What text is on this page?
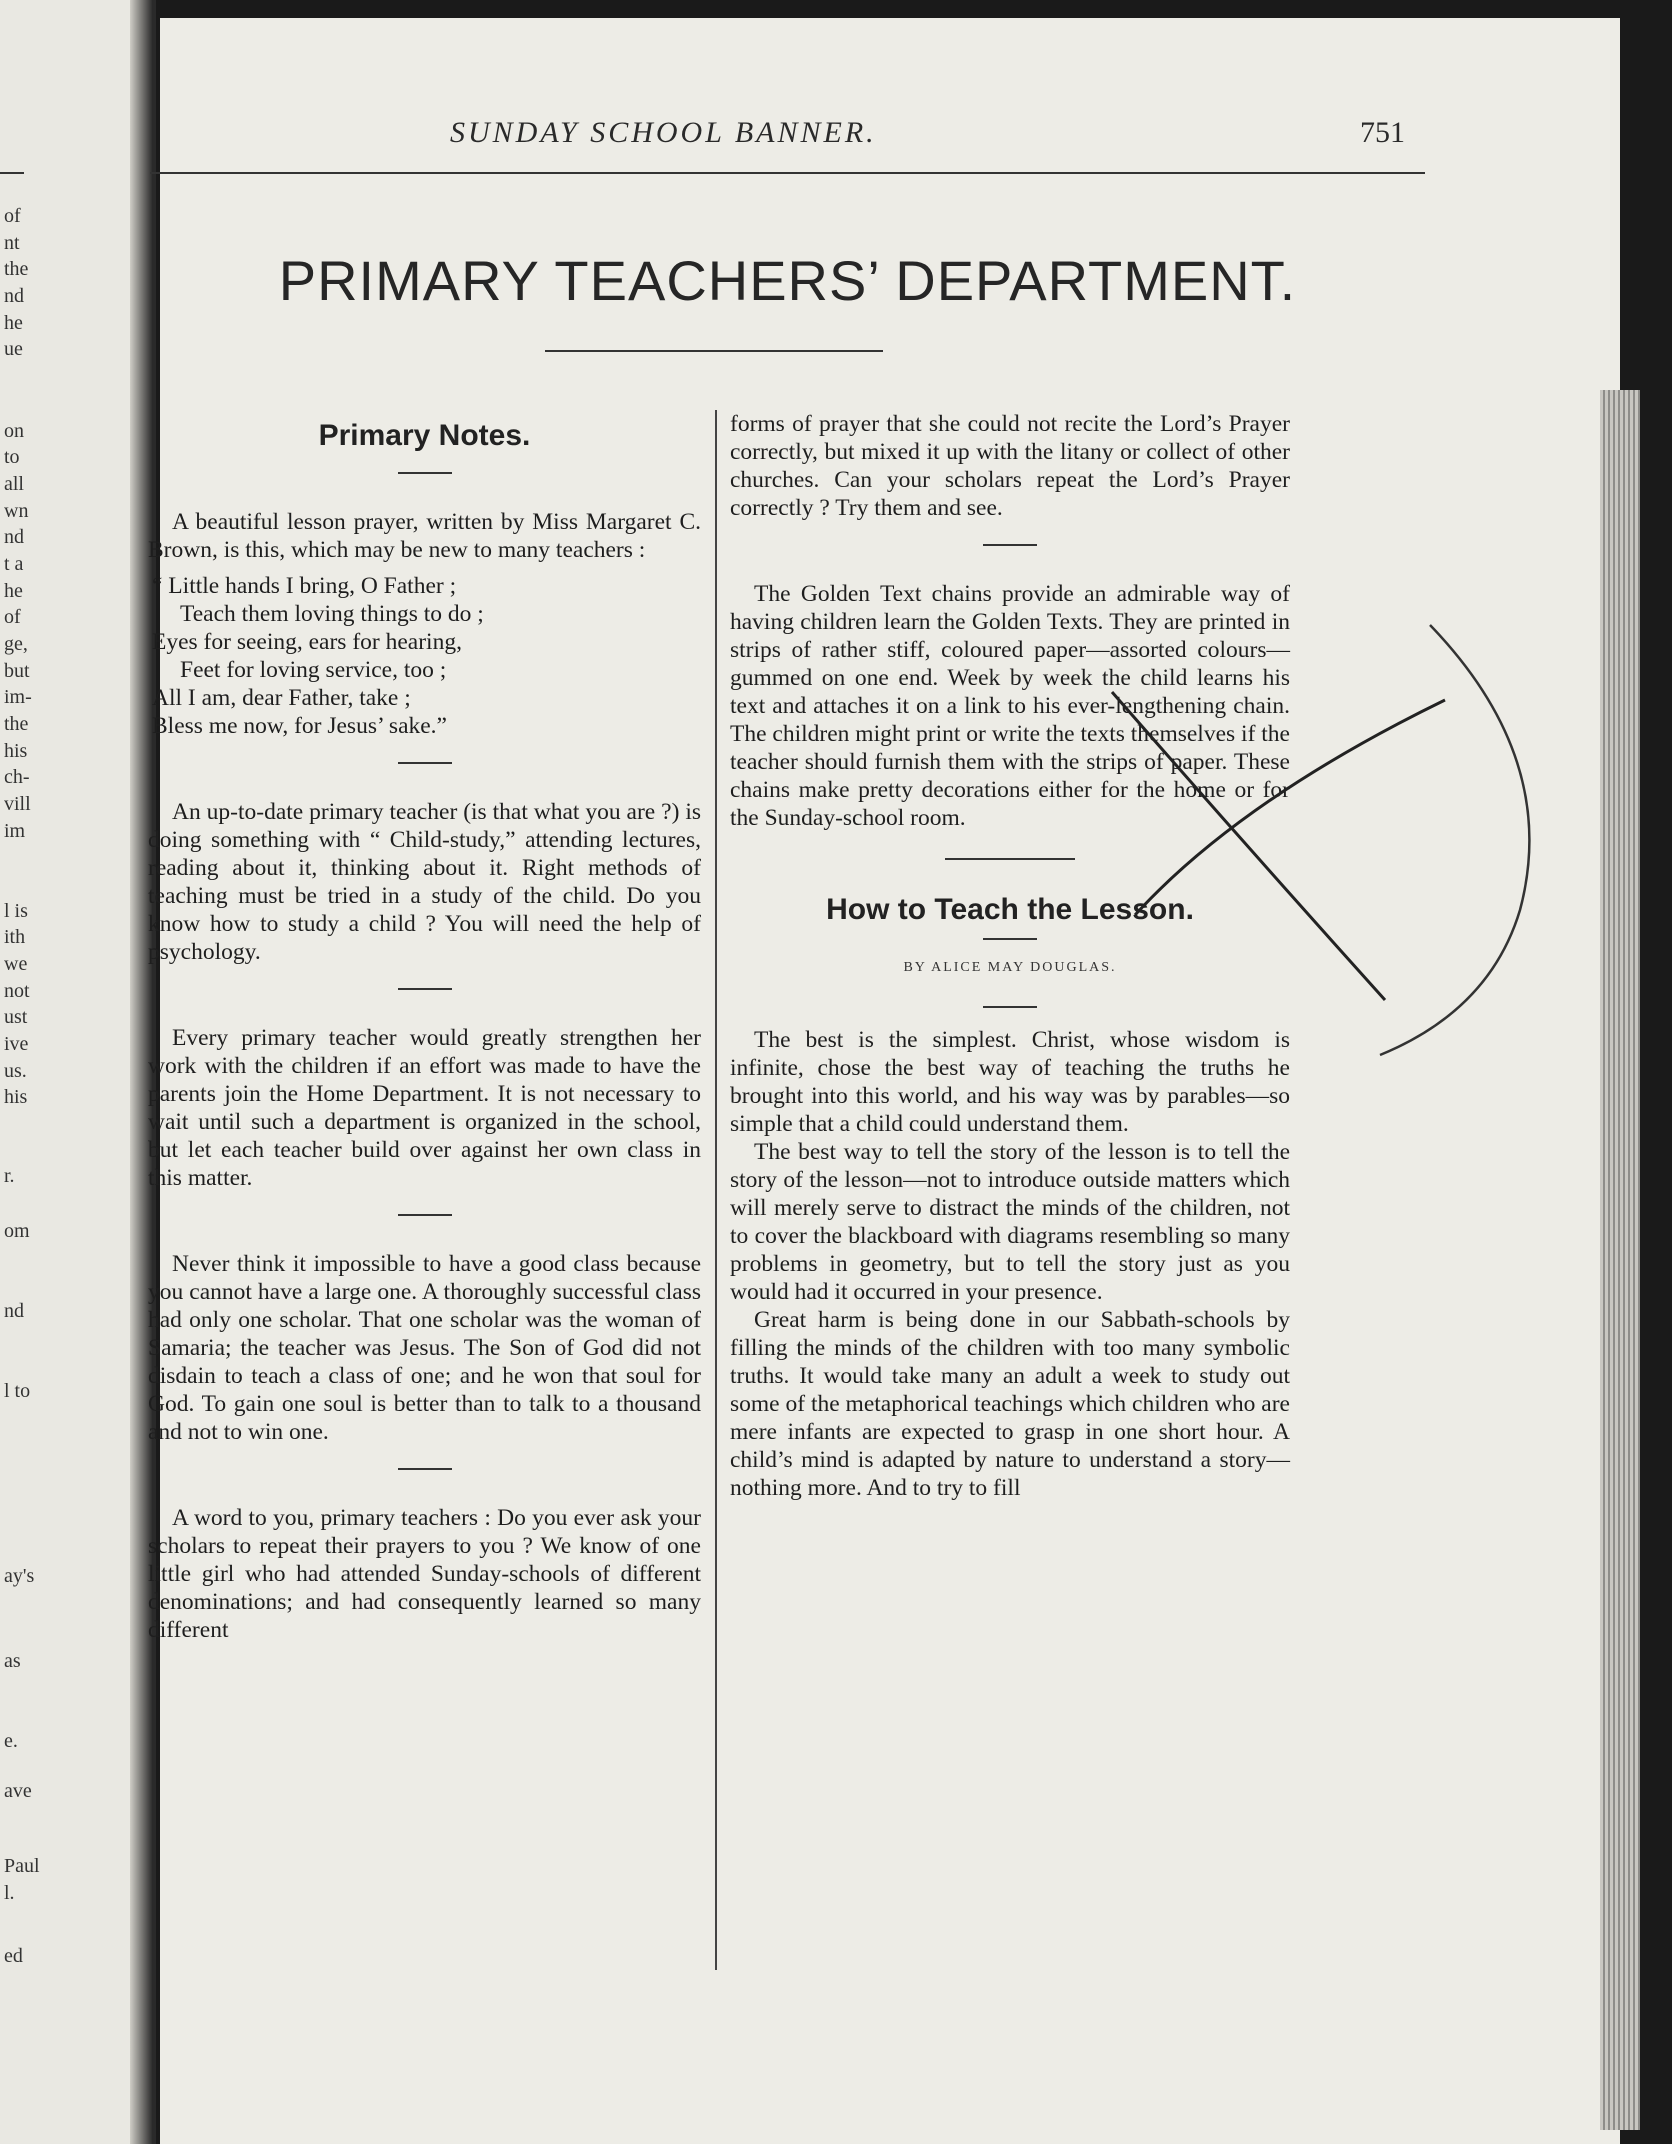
of
nt
the
nd
he
ue
on
to
all
wn
nd
t a
he
of
ge,
but
im-
the
his
ch-
vill
im
l is
ith
we
not
ust
ive
us.
his
r.
om
nd
l to
ay's
as
e.
ave
Paul
l.
ed
SUNDAY SCHOOL BANNER.	751
PRIMARY TEACHERS’ DEPARTMENT.
Primary Notes.

A beautiful lesson prayer, written by Miss Margaret C. Brown, is this, which may be new to many teachers :

“ Little hands I bring, O Father ;
Teach them loving things to do ;
Eyes for seeing, ears for hearing,
Feet for loving service, too ;
All I am, dear Father, take ;
Bless me now, for Jesus’ sake.”

An up-to-date primary teacher (is that what you are ?) is doing something with “ Child-study,” attending lectures, reading about it, thinking about it. Right methods of teaching must be tried in a study of the child. Do you know how to study a child ? You will need the help of psychology.

Every primary teacher would greatly strengthen her work with the children if an effort was made to have the parents join the Home Department. It is not necessary to wait until such a department is organized in the school, but let each teacher build over against her own class in this matter.

Never think it impossible to have a good class because you cannot have a large one. A thoroughly successful class had only one scholar. That one scholar was the woman of Samaria; the teacher was Jesus. The Son of God did not disdain to teach a class of one; and he won that soul for God. To gain one soul is better than to talk to a thousand and not to win one.

A word to you, primary teachers : Do you ever ask your scholars to repeat their prayers to you ? We know of one little girl who had attended Sunday-schools of different denominations; and had consequently learned so many different

forms of prayer that she could not recite the Lord’s Prayer correctly, but mixed it up with the litany or collect of other churches. Can your scholars repeat the Lord’s Prayer correctly ? Try them and see.

The Golden Text chains provide an admirable way of having children learn the Golden Texts. They are printed in strips of rather stiff, coloured paper—assorted colours—gummed on one end. Week by week the child learns his text and attaches it on a link to his ever-lengthening chain. The children might print or write the texts themselves if the teacher should furnish them with the strips of paper. These chains make pretty decorations either for the home or for the Sunday-school room.

How to Teach the Lesson.
BY ALICE MAY DOUGLAS.

The best is the simplest. Christ, whose wisdom is infinite, chose the best way of teaching the truths he brought into this world, and his way was by parables—so simple that a child could understand them.

The best way to tell the story of the lesson is to tell the story of the lesson—not to introduce outside matters which will merely serve to distract the minds of the children, not to cover the blackboard with diagrams resembling so many problems in geometry, but to tell the story just as you would had it occurred in your presence.

Great harm is being done in our Sabbath-schools by filling the minds of the children with too many symbolic truths. It would take many an adult a week to study out some of the metaphorical teachings which children who are mere infants are expected to grasp in one short hour. A child’s mind is adapted by nature to understand a story—nothing more. And to try to fill
